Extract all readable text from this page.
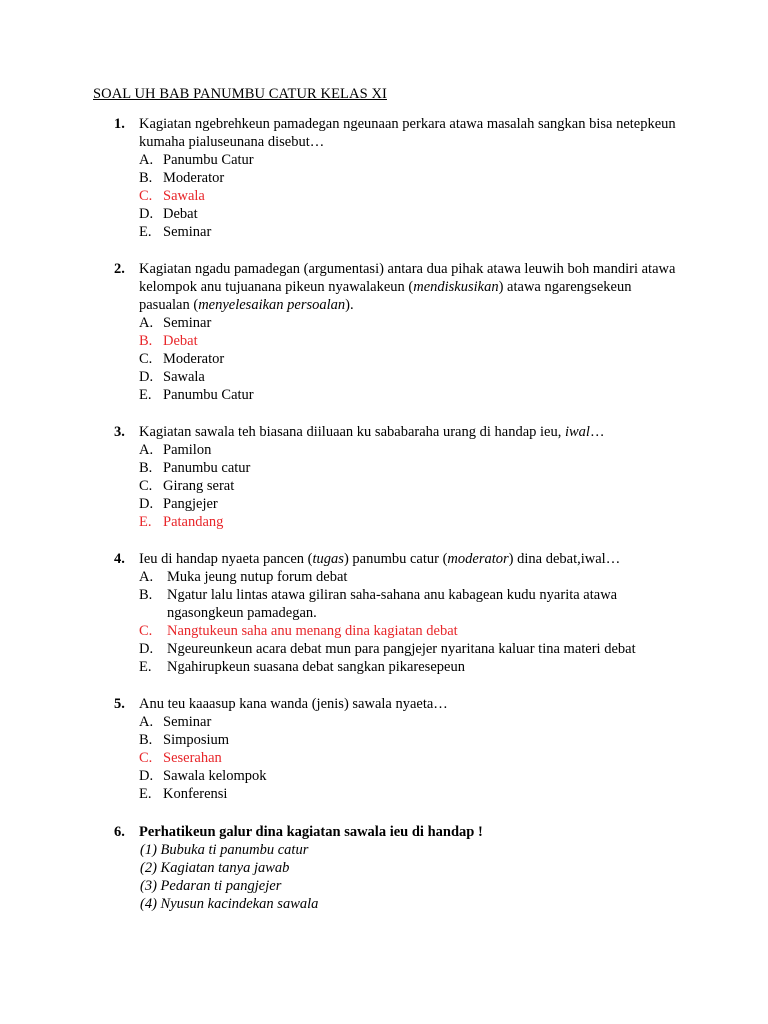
SOAL UH BAB PANUMBU CATUR KELAS XI
1. Kagiatan ngebrehkeun pamadegan ngeunaan perkara atawa masalah sangkan bisa netepkeun kumaha pialuseunana disebut…
A. Panumbu Catur
B. Moderator
C. Sawala
D. Debat
E. Seminar
2. Kagiatan ngadu pamadegan (argumentasi) antara dua pihak atawa leuwih boh mandiri atawa kelompok anu tujuanana pikeun nyawalakeun (mendiskusikan) atawa ngarengsekeun pasualan (menyelesaikan persoalan).
A. Seminar
B. Debat
C. Moderator
D. Sawala
E. Panumbu Catur
3. Kagiatan sawala teh biasana diiluaan ku sababaraha urang di handap ieu, iwal…
A. Pamilon
B. Panumbu catur
C. Girang serat
D. Pangjejer
E. Patandang
4. Ieu di handap nyaeta pancen (tugas) panumbu catur (moderator) dina debat,iwal…
A. Muka jeung nutup forum debat
B. Ngatur lalu lintas atawa giliran saha-sahana anu kabagean kudu nyarita atawa ngasongkeun pamadegan.
C. Nangtukeun saha anu menang dina kagiatan debat
D. Ngeureunkeun acara debat mun para pangjejer nyaritana kaluar tina materi debat
E. Ngahirupkeun suasana debat sangkan pikaresepeun
5. Anu teu kaaasup kana wanda (jenis) sawala nyaeta…
A. Seminar
B. Simposium
C. Seserahan
D. Sawala kelompok
E. Konferensi
6. Perhatikeun galur dina kagiatan sawala ieu di handap !
(1) Bubuka ti panumbu catur
(2) Kagiatan tanya jawab
(3) Pedaran ti pangjejer
(4) Nyusun kacindekan sawala
